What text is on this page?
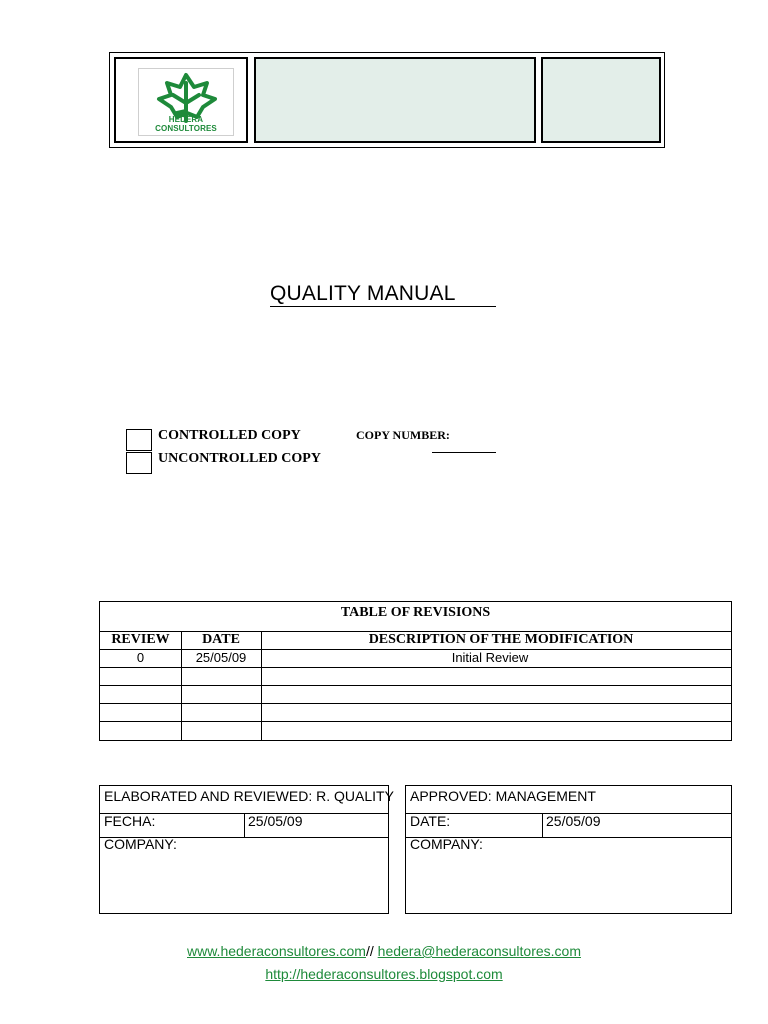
HEDERA CONSULTORES
QUALITY MANUAL
CONTROLLED COPY
UNCONTROLLED COPY
COPY NUMBER:
TABLE OF REVISIONS
REVIEW	DATE	DESCRIPTION OF THE MODIFICATION
0	25/05/09	Initial Review
ELABORATED AND REVIEWED: R. QUALITY
FECHA:	25/05/09
COMPANY:
APPROVED: MANAGEMENT
DATE:	25/05/09
COMPANY:
www.hederaconsultores.com// hedera@hederaconsultores.com
http://hederaconsultores.blogspot.com
